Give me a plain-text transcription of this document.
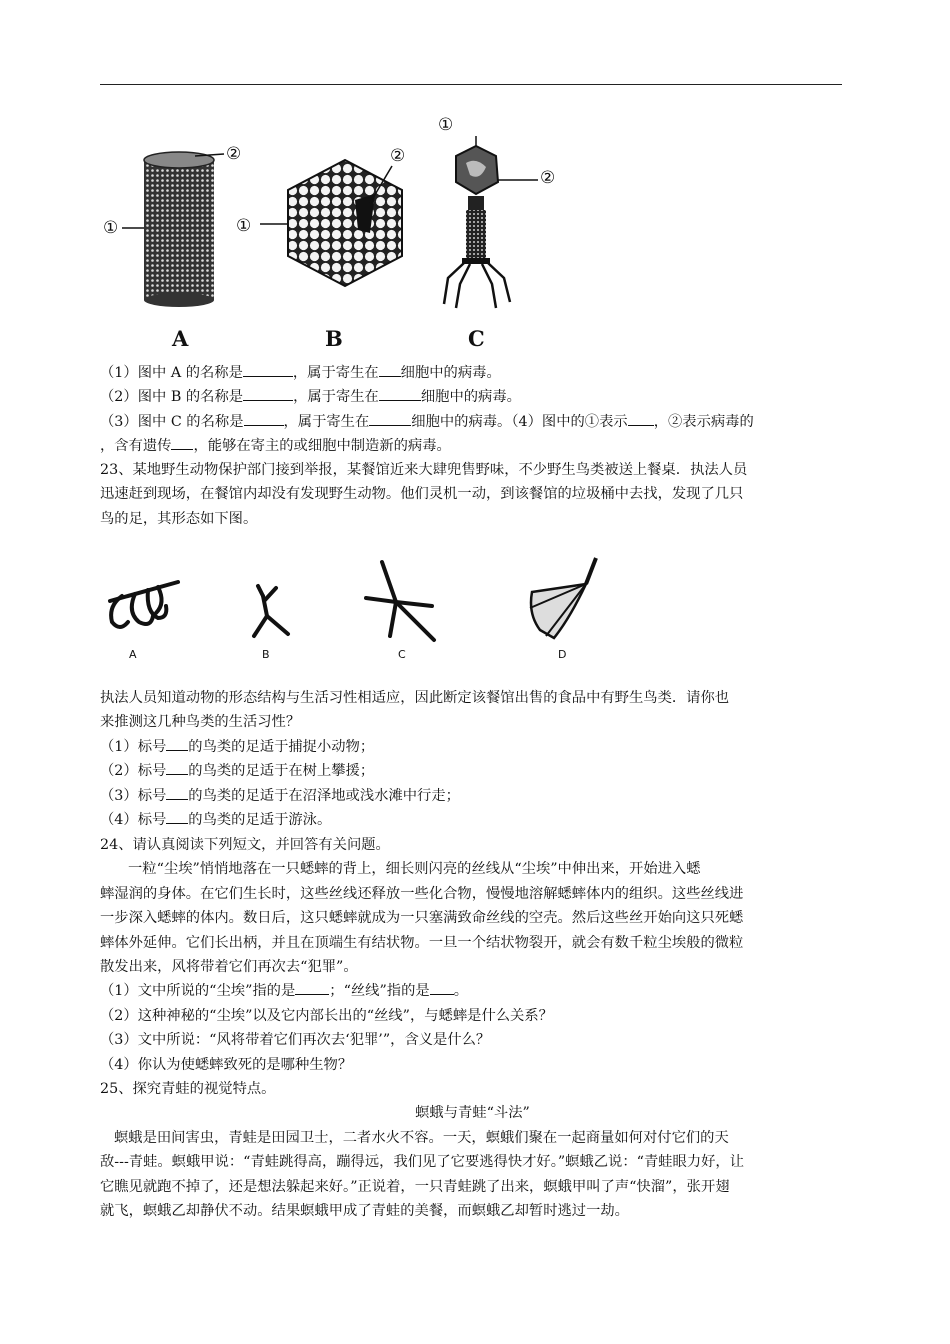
①
②
①
②
①
②
A	B	C
（1）图中 A 的名称是	，属于寄生在 细胞中的病毒。
（2）图中 B 的名称是	，属于寄生在	细胞中的病毒。
（3）图中 C 的名称是	，属于寄生在	细胞中的病毒。（4）图中的①表示 ，②表示病毒的
，含有遗传 ，能够在寄主的或细胞中制造新的病毒。
23、某地野生动物保护部门接到举报，某餐馆近来大肆兜售野味，不少野生鸟类被送上餐桌．执法人员
迅速赶到现场，在餐馆内却没有发现野生动物。他们灵机一动，到该餐馆的垃圾桶中去找，发现了几只
鸟的足，其形态如下图。
A	B	C	D
执法人员知道动物的形态结构与生活习性相适应，因此断定该餐馆出售的食品中有野生鸟类．请你也
来推测这几种鸟类的生活习性？
（1）标号 的鸟类的足适于捕捉小动物；
（2）标号 的鸟类的足适于在树上攀援；
（3）标号 的鸟类的足适于在沼泽地或浅水滩中行走；
（4）标号 的鸟类的足适于游泳。
24、请认真阅读下列短文，并回答有关问题。
一粒“尘埃”悄悄地落在一只蟋蟀的背上，细长则闪亮的丝线从“尘埃”中伸出来，开始进入蟋
蟀湿润的身体。在它们生长时，这些丝线还释放一些化合物，慢慢地溶解蟋蟀体内的组织。这些丝线进
一步深入蟋蟀的体内。数日后，这只蟋蟀就成为一只塞满致命丝线的空壳。然后这些丝开始向这只死蟋
蟀体外延伸。它们长出柄，并且在顶端生有结状物。一旦一个结状物裂开，就会有数千粒尘埃般的微粒
散发出来，风将带着它们再次去“犯罪”。
（1）文中所说的“尘埃”指的是 ；“丝线”指的是 。
（2）这种神秘的“尘埃”以及它内部长出的“丝线”，与蟋蟀是什么关系？
（3）文中所说：“风将带着它们再次去‘犯罪’”，含义是什么？
（4）你认为使蟋蟀致死的是哪种生物？
25、探究青蛙的视觉特点。
螟蛾与青蛙“斗法”
螟蛾是田间害虫，青蛙是田园卫士，二者水火不容。一天，螟蛾们聚在一起商量如何对付它们的天
敌---青蛙。螟蛾甲说：“青蛙跳得高，蹦得远，我们见了它要逃得快才好。”螟蛾乙说：“青蛙眼力好，让
它瞧见就跑不掉了，还是想法躲起来好。”正说着，一只青蛙跳了出来，螟蛾甲叫了声“快溜”，张开翅
就飞，螟蛾乙却静伏不动。结果螟蛾甲成了青蛙的美餐，而螟蛾乙却暂时逃过一劫。
